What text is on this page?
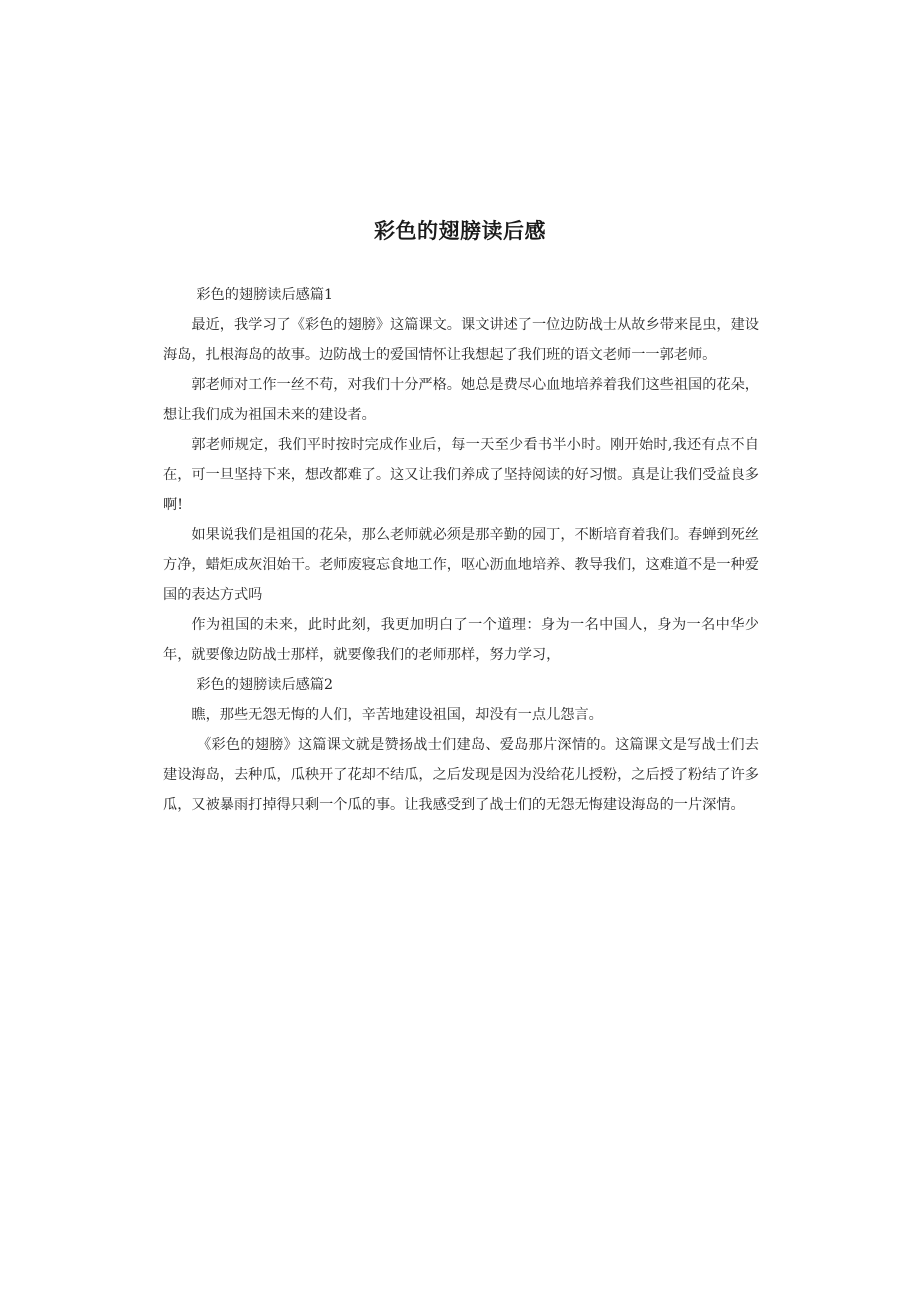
彩色的翅膀读后感

彩色的翅膀读后感篇1

最近，我学习了《彩色的翅膀》这篇课文。课文讲述了一位边防战士从故乡带来昆虫，建设海岛，扎根海岛的故事。边防战士的爱国情怀让我想起了我们班的语文老师一一郭老师。

郭老师对工作一丝不苟，对我们十分严格。她总是费尽心血地培养着我们这些祖国的花朵，想让我们成为祖国未来的建设者。

郭老师规定，我们平时按时完成作业后，每一天至少看书半小时。刚开始时,我还有点不自在，可一旦坚持下来，想改都难了。这又让我们养成了坚持阅读的好习惯。真是让我们受益良多啊!

如果说我们是祖国的花朵，那么老师就必须是那辛勤的园丁，不断培育着我们。春蝉到死丝方净，蜡炬成灰泪始干。老师废寝忘食地工作，呕心沥血地培养、教导我们，这难道不是一种爱国的表达方式吗

作为祖国的未来，此时此刻，我更加明白了一个道理：身为一名中国人，身为一名中华少年，就要像边防战士那样，就要像我们的老师那样，努力学习，

彩色的翅膀读后感篇2

瞧，那些无怨无悔的人们，辛苦地建设祖国，却没有一点儿怨言。

《彩色的翅膀》这篇课文就是赞扬战士们建岛、爱岛那片深情的。这篇课文是写战士们去建设海岛，去种瓜，瓜秧开了花却不结瓜，之后发现是因为没给花儿授粉，之后授了粉结了许多瓜，又被暴雨打掉得只剩一个瓜的事。让我感受到了战士们的无怨无悔建设海岛的一片深情。
